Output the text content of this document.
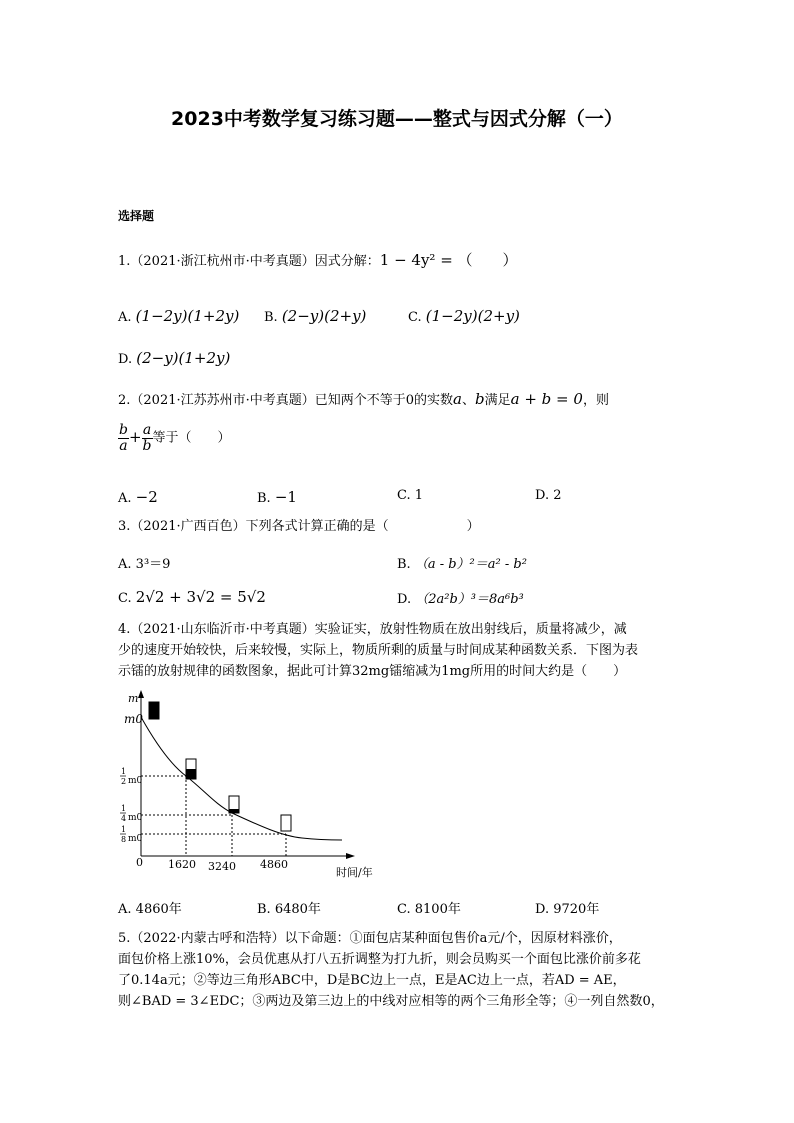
2023中考数学复习练习题——整式与因式分解（一）
选择题
1.（2021·浙江杭州市·中考真题）因式分解：1 − 4y² = （　　）
A. (1−2y)(1+2y) B. (2−y)(2+y)	C. (1−2y)(2+y)
D. (2−y)(1+2y)
2.（2021·江苏苏州市·中考真题）已知两个不等于0的实数a、b满足a + b = 0，则
$\frac{b}{a} + \frac{a}{b}$ 等于（　　）
A. −2	B. −1	C. 1	D. 2
3.（2021·广西百色）下列各式计算正确的是（　　　　　　）
A. 3³＝9	B. （a - b）²＝a² - b²
C. 2√2 + 3√2 = 5√2	D. （2a²b）³＝8a⁶b³
4.（2021·山东临沂市·中考真题）实验证实，放射性物质在放出射线后，质量将减少，减
少的速度开始较快，后来较慢，实际上，物质所剩的质量与时间成某种函数关系．下图为表
示镭的放射规律的函数图象，据此可计算32mg镭缩减为1mg所用的时间大约是（　　）
m
m0
1
2 m0
1
4 m0
1
8 m0
0 1620 3240 4860
时间/年
A. 4860年	B. 6480年	C. 8100年	D. 9720年
5.（2022·内蒙古呼和浩特）以下命题：①面包店某种面包售价a元/个，因原材料涨价，
面包价格上涨10%，会员优惠从打八五折调整为打九折，则会员购买一个面包比涨价前多花
了0.14a元；②等边三角形ABC中，D是BC边上一点，E是AC边上一点，若AD = AE，
则∠BAD = 3∠EDC；③两边及第三边上的中线对应相等的两个三角形全等；④一列自然数0，
